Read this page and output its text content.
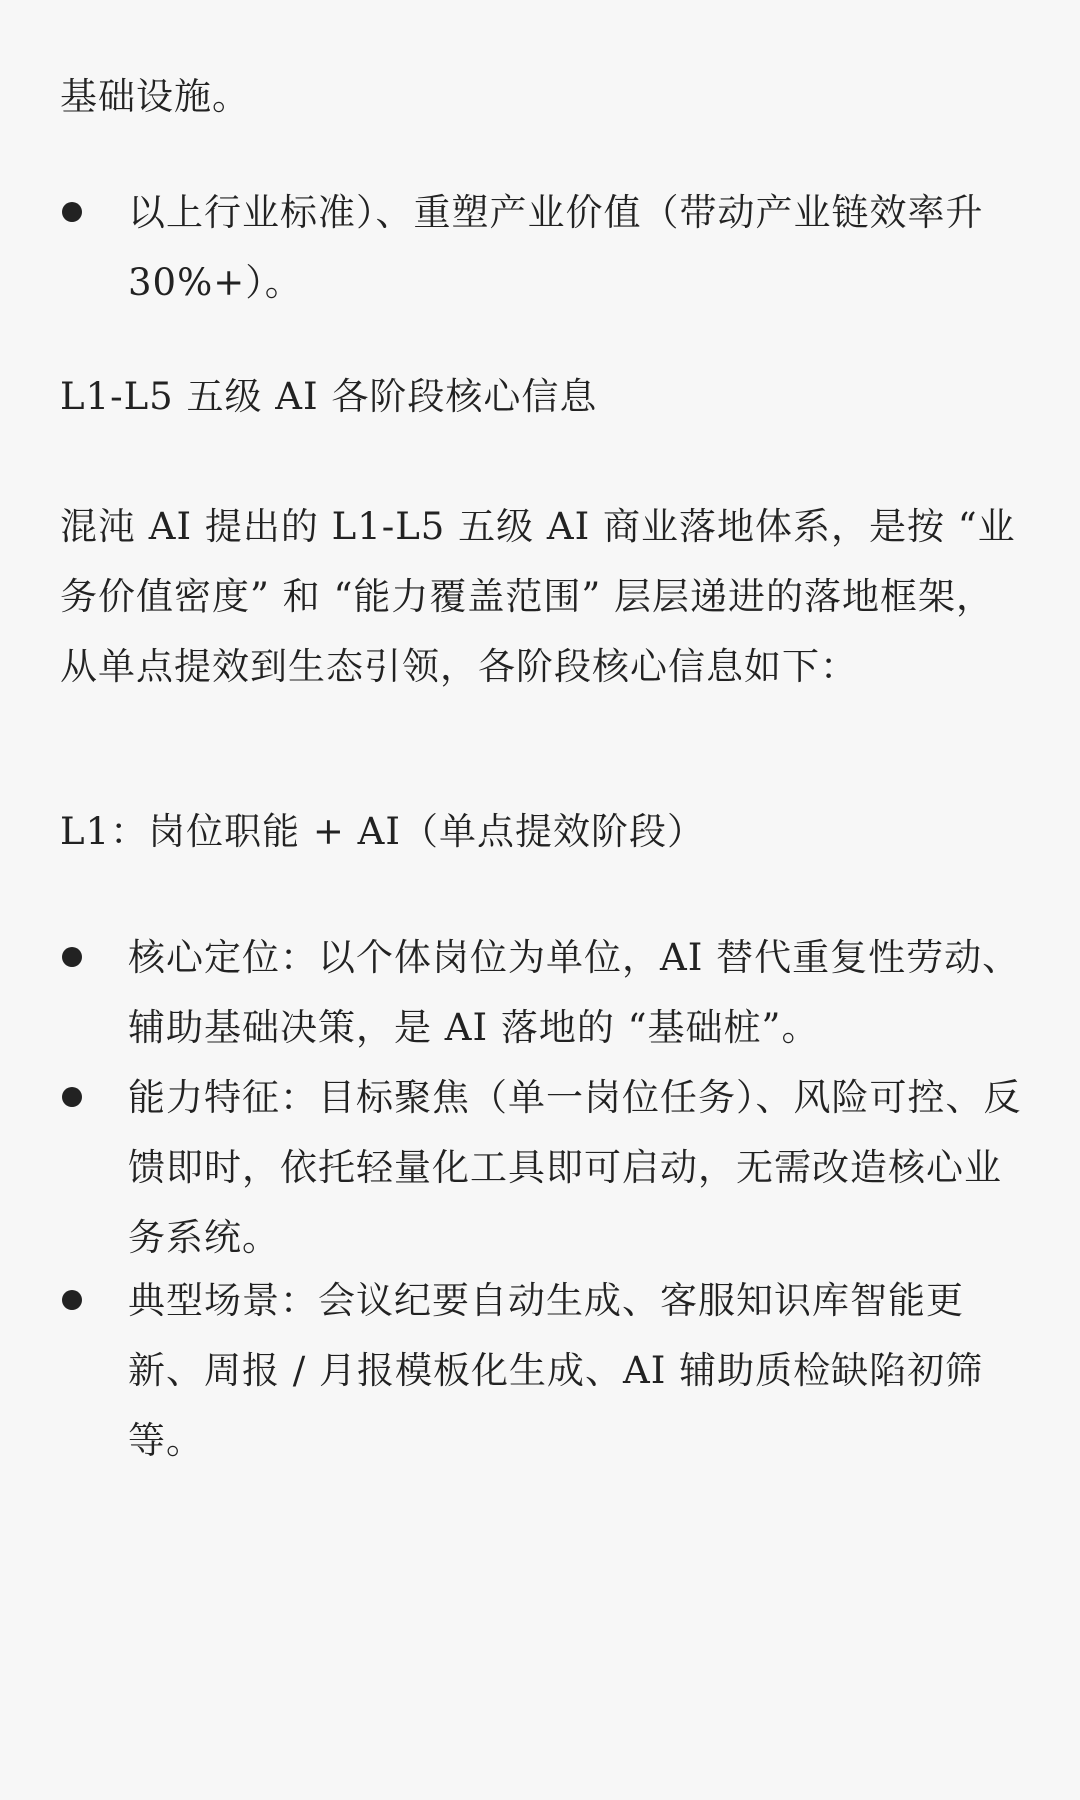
基础设施。

以上行业标准）、重塑产业价值（带动产业链效率升 30%+）。

L1-L5 五级 AI 各阶段核心信息

混沌 AI 提出的 L1-L5 五级 AI 商业落地体系，是按 “业务价值密度” 和 “能力覆盖范围” 层层递进的落地框架，从单点提效到生态引领，各阶段核心信息如下：

L1：岗位职能 + AI（单点提效阶段）

核心定位：以个体岗位为单位，AI 替代重复性劳动、辅助基础决策，是 AI 落地的 “基础桩”。
能力特征：目标聚焦（单一岗位任务）、风险可控、反馈即时，依托轻量化工具即可启动，无需改造核心业务系统。
典型场景：会议纪要自动生成、客服知识库智能更新、周报 / 月报模板化生成、AI 辅助质检缺陷初筛等。
